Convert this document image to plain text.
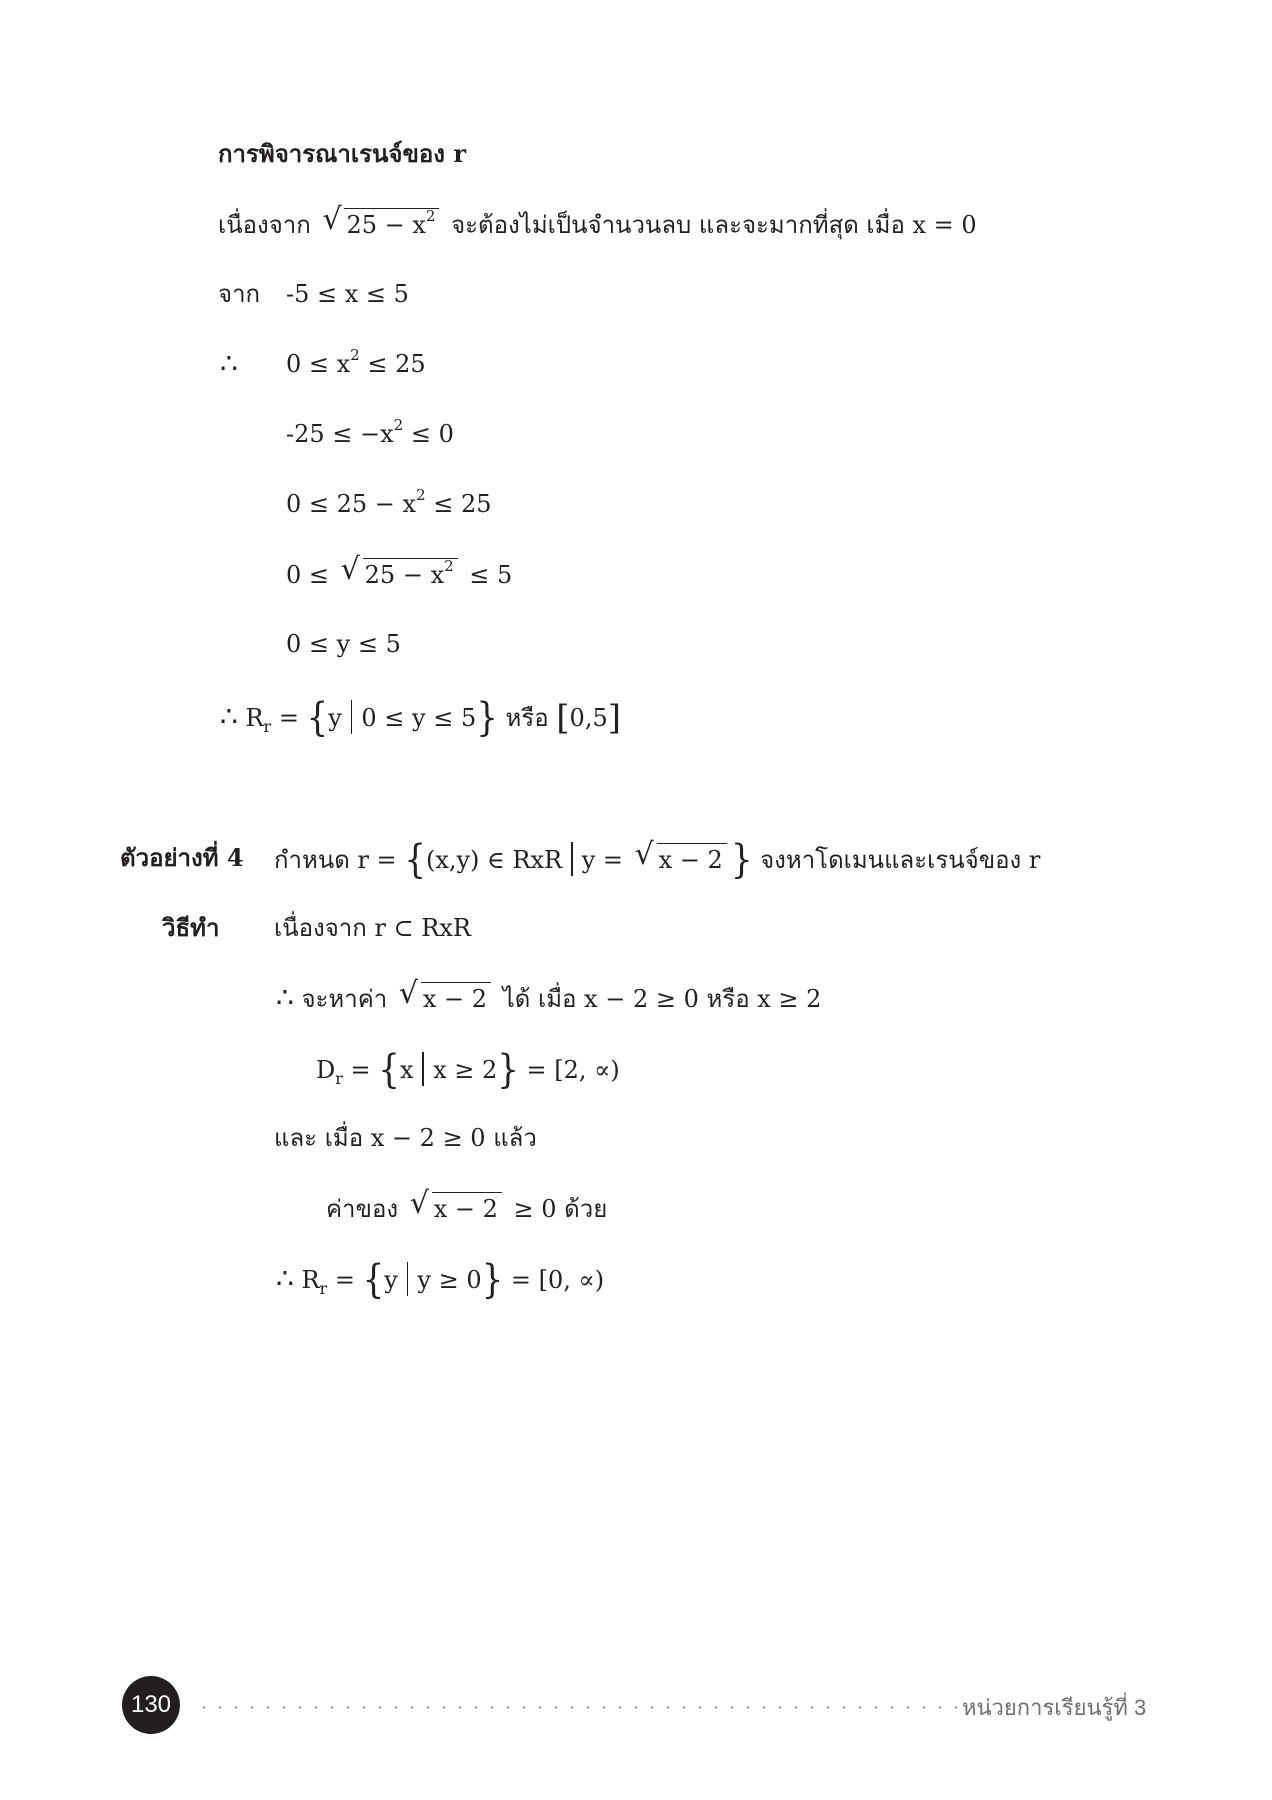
การพิจารณาเรนจ์ของ r
เนื่องจาก √ $25 - x^2$ จะต้องไม่เป็นจำนวนลบ และจะมากที่สุด เมื่อ x = 0
จาก -5 ≤ x ≤ 5
∴ $0 \le x^2 \le 25$
$-25 \le -x^2 \le 0$
$0 \le 25 - x^2 \le 25$
0 ≤ √ $25 - x^2 \le 5$
0 ≤ y ≤ 5
∴ $R_r = \{y$ 0 ≤ y ≤ 5} หรือ [0,5]
ตัวอย่างที่ 4 กำหนด r = {(x,y) ∈ RxR y = √ x − 2 } จงหาโดเมนและเรนจ์ของ r
วิธีทำ เนื่องจาก r ⊂ RxR
∴ จะหาค่า √ x − 2 ได้ เมื่อ x − 2 ≥ 0 หรือ x ≥ 2
$D_r = \{x$ x ≥ 2} = [2, ∝)
และ เมื่อ x − 2 ≥ 0 แล้ว
ค่าของ √ x − 2 ≥ 0 ด้วย
∴ $R_r = \{y$ y ≥ 0} = [0, ∝)
130	หน่วยการเรียนรู้ที่ 3
